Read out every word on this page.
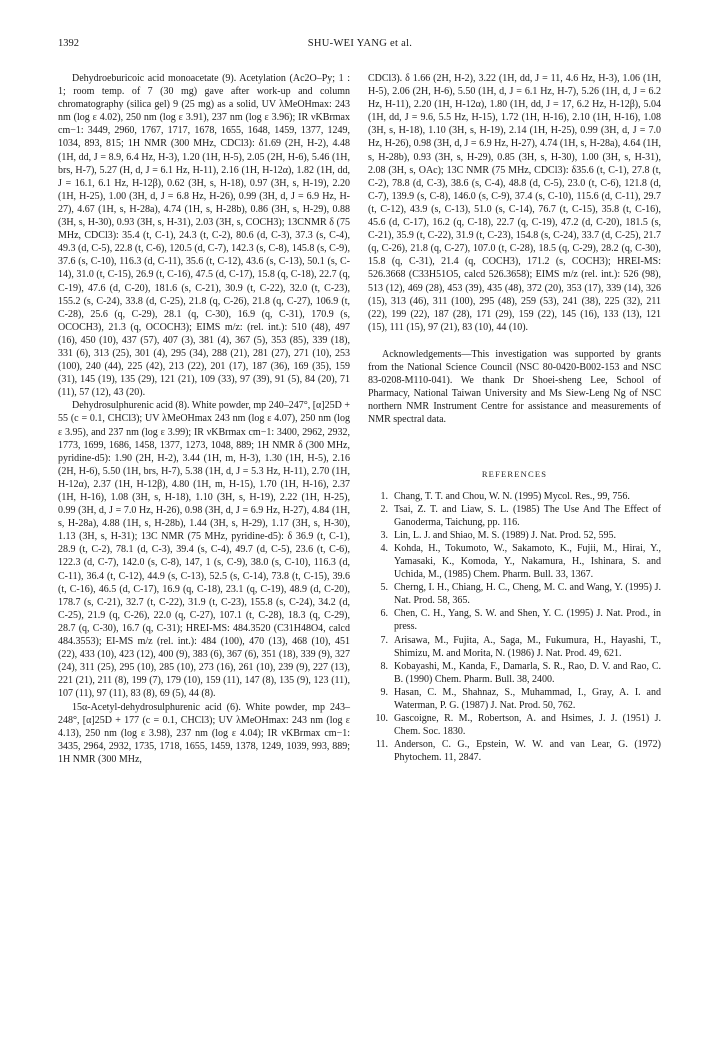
1392	SHU-WEI YANG et al.

Dehydroeburicoic acid monoacetate (9). Acetylation (Ac2O–Py; 1 : 1; room temp. of 7 (30 mg) gave after work-up and column chromatography (silica gel) 9 (25 mg) as a solid, UV λMeOHmax: 243 nm (log ε 4.02), 250 nm (log ε 3.91), 237 nm (log ε 3.96); IR νKBrmax cm−1: 3449, 2960, 1767, 1717, 1678, 1655, 1648, 1459, 1377, 1249, 1034, 893, 815; 1H NMR (300 MHz, CDCl3): δ1.69 (2H, H-2), 4.48 (1H, dd, J = 8.9, 6.4 Hz, H-3), 1.20 (1H, H-5), 2.05 (2H, H-6), 5.46 (1H, brs, H-7), 5.27 (H, d, J = 6.1 Hz, H-11), 2.16 (1H, H-12α), 1.82 (1H, dd, J = 16.1, 6.1 Hz, H-12β), 0.62 (3H, s, H-18), 0.97 (3H, s, H-19), 2.20 (1H, H-25), 1.00 (3H, d, J = 6.8 Hz, H-26), 0.99 (3H, d, J = 6.9 Hz, H-27), 4.67 (1H, s, H-28a), 4.74 (1H, s, H-28b), 0.86 (3H, s, H-29), 0.88 (3H, s, H-30), 0.93 (3H, s, H-31), 2.03 (3H, s, COCH3); 13CNMR δ (75 MHz, CDCl3): 35.4 (t, C-1), 24.3 (t, C-2), 80.6 (d, C-3), 37.3 (s, C-4), 49.3 (d, C-5), 22.8 (t, C-6), 120.5 (d, C-7), 142.3 (s, C-8), 145.8 (s, C-9), 37.6 (s, C-10), 116.3 (d, C-11), 35.6 (t, C-12), 43.6 (s, C-13), 50.1 (s, C-14), 31.0 (t, C-15), 26.9 (t, C-16), 47.5 (d, C-17), 15.8 (q, C-18), 22.7 (q, C-19), 47.6 (d, C-20), 181.6 (s, C-21), 30.9 (t, C-22), 32.0 (t, C-23), 155.2 (s, C-24), 33.8 (d, C-25), 21.8 (q, C-26), 21.8 (q, C-27), 106.9 (t, C-28), 25.6 (q, C-29), 28.1 (q, C-30), 16.9 (q, C-31), 170.9 (s, OCOCH3), 21.3 (q, OCOCH3); EIMS m/z: (rel. int.): 510 (48), 497 (16), 450 (10), 437 (57), 407 (3), 381 (4), 367 (5), 353 (85), 339 (18), 331 (6), 313 (25), 301 (4), 295 (34), 288 (21), 281 (27), 271 (10), 253 (100), 240 (44), 225 (42), 213 (22), 201 (17), 187 (36), 169 (35), 159 (31), 145 (19), 135 (29), 121 (21), 109 (33), 97 (39), 91 (5), 84 (20), 71 (11), 57 (12), 43 (20).

Dehydrosulphurenic acid (8). White powder, mp 240–247°, [α]25D + 55 (c = 0.1, CHCl3); UV λMeOHmax 243 nm (log ε 4.07), 250 nm (log ε 3.95), and 237 nm (log ε 3.99); IR νKBrmax cm−1: 3400, 2962, 2932, 1773, 1699, 1686, 1458, 1377, 1273, 1048, 889; 1H NMR δ (300 MHz, pyridine-d5): 1.90 (2H, H-2), 3.44 (1H, m, H-3), 1.30 (1H, H-5), 2.16 (2H, H-6), 5.50 (1H, brs, H-7), 5.38 (1H, d, J = 5.3 Hz, H-11), 2.70 (1H, H-12α), 2.37 (1H, H-12β), 4.80 (1H, m, H-15), 1.70 (1H, H-16), 2.37 (1H, H-16), 1.08 (3H, s, H-18), 1.10 (3H, s, H-19), 2.22 (1H, H-25), 0.99 (3H, d, J = 7.0 Hz, H-26), 0.98 (3H, d, J = 6.9 Hz, H-27), 4.84 (1H, s, H-28a), 4.88 (1H, s, H-28b), 1.44 (3H, s, H-29), 1.17 (3H, s, H-30), 1.13 (3H, s, H-31); 13C NMR (75 MHz, pyridine-d5): δ 36.9 (t, C-1), 28.9 (t, C-2), 78.1 (d, C-3), 39.4 (s, C-4), 49.7 (d, C-5), 23.6 (t, C-6), 122.3 (d, C-7), 142.0 (s, C-8), 147, 1 (s, C-9), 38.0 (s, C-10), 116.3 (d, C-11), 36.4 (t, C-12), 44.9 (s, C-13), 52.5 (s, C-14), 73.8 (t, C-15), 39.6 (t, C-16), 46.5 (d, C-17), 16.9 (q, C-18), 23.1 (q, C-19), 48.9 (d, C-20), 178.7 (s, C-21), 32.7 (t, C-22), 31.9 (t, C-23), 155.8 (s, C-24), 34.2 (d, C-25), 21.9 (q, C-26), 22.0 (q, C-27), 107.1 (t, C-28), 18.3 (q, C-29), 28.7 (q, C-30), 16.7 (q, C-31); HREI-MS: 484.3520 (C31H48O4, calcd 484.3553); EI-MS m/z (rel. int.): 484 (100), 470 (13), 468 (10), 451 (22), 433 (10), 423 (12), 400 (9), 383 (6), 367 (6), 351 (18), 339 (9), 327 (24), 311 (25), 295 (10), 285 (10), 273 (16), 261 (10), 239 (9), 227 (13), 221 (21), 211 (8), 199 (7), 179 (10), 159 (11), 147 (8), 135 (9), 123 (11), 107 (11), 97 (11), 83 (8), 69 (5), 44 (8).

15α-Acetyl-dehydrosulphurenic acid (6). White powder, mp 243–248°, [α]25D + 177 (c = 0.1, CHCl3); UV λMeOHmax: 243 nm (log ε 4.13), 250 nm (log ε 3.98), 237 nm (log ε 4.04); IR νKBrmax cm−1: 3435, 2964, 2932, 1735, 1718, 1655, 1459, 1378, 1249, 1039, 993, 889; 1H NMR (300 MHz,

CDCl3). δ 1.66 (2H, H-2), 3.22 (1H, dd, J = 11, 4.6 Hz, H-3), 1.06 (1H, H-5), 2.06 (2H, H-6), 5.50 (1H, d, J = 6.1 Hz, H-7), 5.26 (1H, d, J = 6.2 Hz, H-11), 2.20 (1H, H-12α), 1.80 (1H, dd, J = 17, 6.2 Hz, H-12β), 5.04 (1H, dd, J = 9.6, 5.5 Hz, H-15), 1.72 (1H, H-16), 2.10 (1H, H-16), 1.08 (3H, s, H-18), 1.10 (3H, s, H-19), 2.14 (1H, H-25), 0.99 (3H, d, J = 7.0 Hz, H-26), 0.98 (3H, d, J = 6.9 Hz, H-27), 4.74 (1H, s, H-28a), 4.64 (1H, s, H-28b), 0.93 (3H, s, H-29), 0.85 (3H, s, H-30), 1.00 (3H, s, H-31), 2.08 (3H, s, OAc); 13C NMR (75 MHz, CDCl3): δ35.6 (t, C-1), 27.8 (t, C-2), 78.8 (d, C-3), 38.6 (s, C-4), 48.8 (d, C-5), 23.0 (t, C-6), 121.8 (d, C-7), 139.9 (s, C-8), 146.0 (s, C-9), 37.4 (s, C-10), 115.6 (d, C-11), 29.7 (t, C-12), 43.9 (s, C-13), 51.0 (s, C-14), 76.7 (t, C-15), 35.8 (t, C-16), 45.6 (d, C-17), 16.2 (q, C-18), 22.7 (q, C-19), 47.2 (d, C-20), 181.5 (s, C-21), 35.9 (t, C-22), 31.9 (t, C-23), 154.8 (s, C-24), 33.7 (d, C-25), 21.7 (q, C-26), 21.8 (q, C-27), 107.0 (t, C-28), 18.5 (q, C-29), 28.2 (q, C-30), 15.8 (q, C-31), 21.4 (q, COCH3), 171.2 (s, COCH3); HREI-MS: 526.3668 (C33H51O5, calcd 526.3658); EIMS m/z (rel. int.): 526 (98), 513 (12), 469 (28), 453 (39), 435 (48), 372 (20), 353 (17), 339 (14), 326 (15), 313 (46), 311 (100), 295 (48), 259 (53), 241 (38), 225 (32), 211 (22), 199 (22), 187 (28), 171 (29), 159 (22), 145 (16), 133 (13), 121 (15), 111 (15), 97 (21), 83 (10), 44 (10).

Acknowledgements—This investigation was supported by grants from the National Science Council (NSC 80-0420-B002-153 and NSC 83-0208-M110-041). We thank Dr Shoei-sheng Lee, School of Pharmacy, National Taiwan University and Ms Siew-Leng Ng of NSC northern NMR Instrument Centre for assistance and measurements of NMR spectral data.

REFERENCES
1. Chang, T. T. and Chou, W. N. (1995) Mycol. Res., 99, 756.
2. Tsai, Z. T. and Liaw, S. L. (1985) The Use And The Effect of Ganoderma, Taichung, pp. 116.
3. Lin, L. J. and Shiao, M. S. (1989) J. Nat. Prod. 52, 595.
4. Kohda, H., Tokumoto, W., Sakamoto, K., Fujii, M., Hirai, Y., Yamasaki, K., Komoda, Y., Nakamura, H., Ishinara, S. and Uchida, M., (1985) Chem. Pharm. Bull. 33, 1367.
5. Cherng, I. H., Chiang, H. C., Cheng, M. C. and Wang, Y. (1995) J. Nat. Prod. 58, 365.
6. Chen, C. H., Yang, S. W. and Shen, Y. C. (1995) J. Nat. Prod., in press.
7. Arisawa, M., Fujita, A., Saga, M., Fukumura, H., Hayashi, T., Shimizu, M. and Morita, N. (1986) J. Nat. Prod. 49, 621.
8. Kobayashi, M., Kanda, F., Damarla, S. R., Rao, D. V. and Rao, C. B. (1990) Chem. Pharm. Bull. 38, 2400.
9. Hasan, C. M., Shahnaz, S., Muhammad, I., Gray, A. I. and Waterman, P. G. (1987) J. Nat. Prod. 50, 762.
10. Gascoigne, R. M., Robertson, A. and Hsimes, J. J. (1951) J. Chem. Soc. 1830.
11. Anderson, C. G., Epstein, W. W. and van Lear, G. (1972) Phytochem. 11, 2847.
